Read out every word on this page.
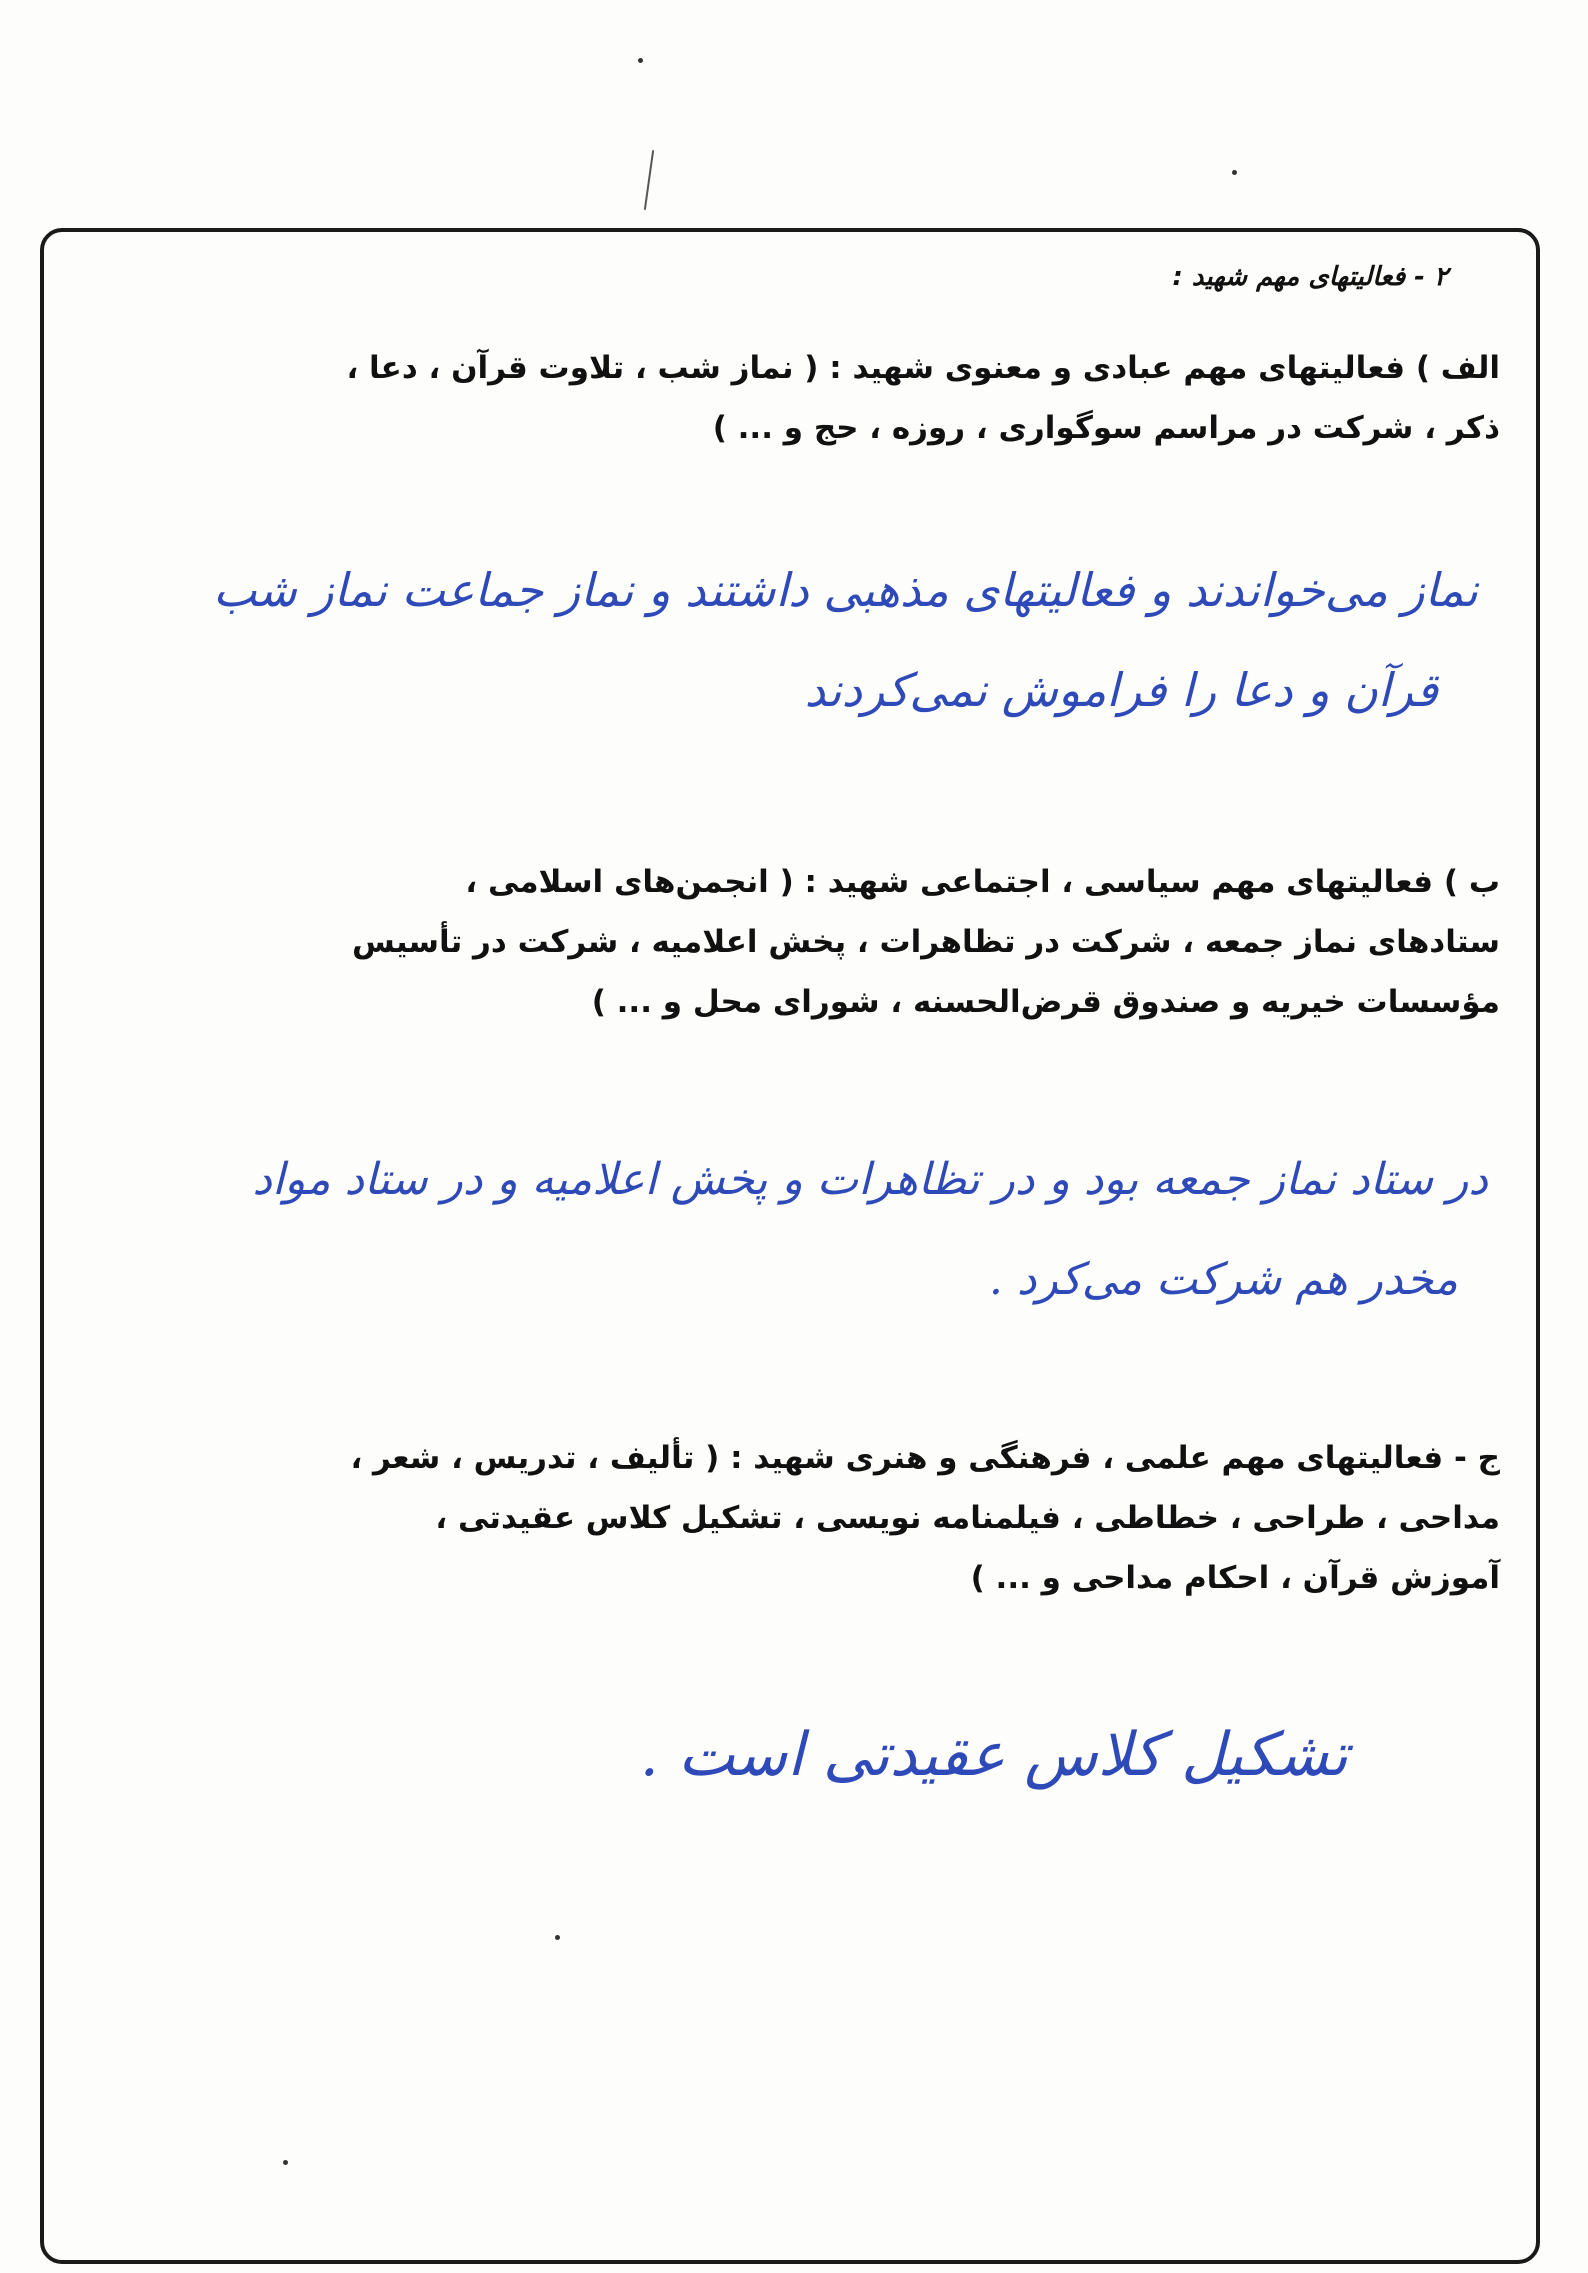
۲ - فعالیتهای مهم شهید :
الف ) فعالیتهای مهم عبادی و معنوی شهید : ( نماز شب ، تلاوت قرآن ، دعا ،
ذکر ، شرکت در مراسم سوگواری ، روزه ، حج و ... )
نماز می‌خواندند و فعالیتهای مذهبی داشتند و نماز جماعت نماز شب
قرآن و دعا را فراموش نمی‌کردند
ب ) فعالیتهای مهم سیاسی ، اجتماعی شهید : ( انجمن‌های اسلامی ،
ستادهای نماز جمعه ، شرکت در تظاهرات ، پخش اعلامیه ، شرکت در تأسیس
مؤسسات خیریه و صندوق قرض‌الحسنه ، شورای محل و ... )
در ستاد نماز جمعه بود و در تظاهرات و پخش اعلامیه و در ستاد مواد
مخدر هم شرکت می‌کرد .
ج - فعالیتهای مهم علمی ، فرهنگی و هنری شهید : ( تألیف ، تدریس ، شعر ،
مداحی ، طراحی ، خطاطی ، فیلمنامه نویسی ، تشکیل کلاس عقیدتی ،
آموزش قرآن ، احکام مداحی و ... )
تشکیل کلاس عقیدتی است .
